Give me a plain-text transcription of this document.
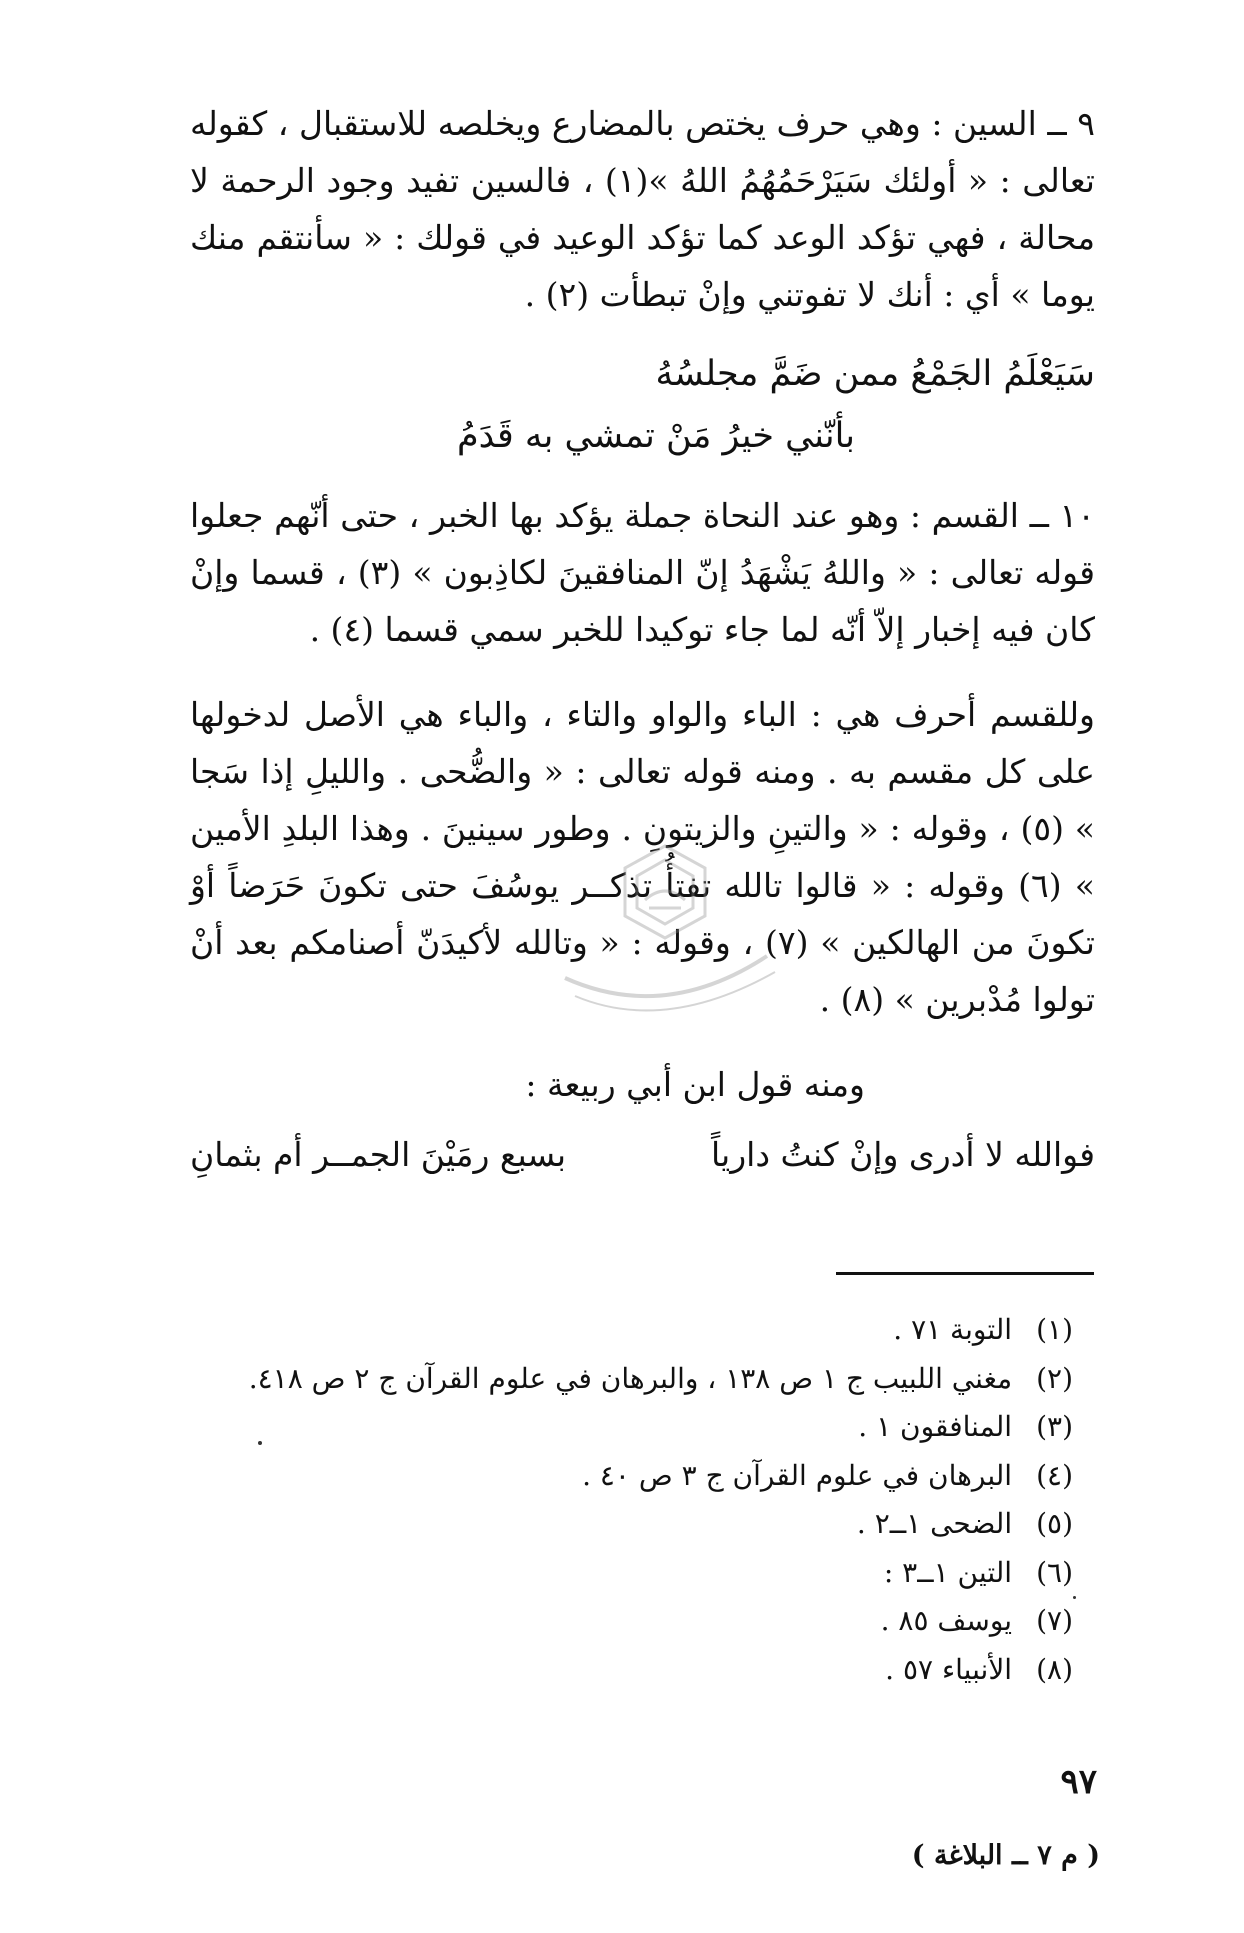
٩ ــ السين : وهي حرف يختص بالمضارع ويخلصه للاستقبال ، كقوله تعالى : « أولئك سَيَرْحَمُهُمُ اللهُ »(١) ، فالسين تفيد وجود الرحمة لا محالة ، فهي تؤكد الوعد كما تؤكد الوعيد في قولك : « سأنتقم منك يوما » أي : أنك لا تفوتني وإنْ تبطأت (٢) .

سَيَعْلَمُ الجَمْعُ ممن ضَمَّ مجلسُهُ
بأنّني خيرُ مَنْ تمشي به قَدَمُ

١٠ ــ القسم : وهو عند النحاة جملة يؤكد بها الخبر ، حتى أنّهم جعلوا قوله تعالى : « واللهُ يَشْهَدُ إنّ المنافقينَ لكاذِبون » (٣) ، قسما وإنْ كان فيه إخبار إلاّ أنّه لما جاء توكيدا للخبر سمي قسما (٤) .

وللقسم أحرف هي : الباء والواو والتاء ، والباء هي الأصل لدخولها على كل مقسم به . ومنه قوله تعالى : « والضُّحى . والليلِ إذا سَجا » (٥) ، وقوله : « والتينِ والزيتونِ . وطور سينينَ . وهذا البلدِ الأمين » (٦) وقوله : « قالوا تالله تفتأُ تذكــر يوسُفَ حتى تكونَ حَرَضاً أوْ تكونَ من الهالكين » (٧) ، وقوله : « وتالله لأكيدَنّ أصنامكم بعد أنْ تولوا مُدْبرين » (٨) .

ومنه قول ابن أبي ربيعة :

فوالله لا أدرى وإنْ كنتُ دارياً
بسبع رمَيْنَ الجمــر أم بثمانِ
(١) التوبة ٧١ .
(٢) مغني اللبيب ج ١ ص ١٣٨ ، والبرهان في علوم القرآن ج ٢ ص ٤١٨.
(٣) المنافقون ١ .
(٤) البرهان في علوم القرآن ج ٣ ص ٤٠ .
(٥) الضحى ١ــ٢ .
(٦) التين ١ــ٣ :
(٧) يوسف ٨٥ .
(٨) الأنبياء ٥٧ .
٩٧
( م ٧ ــ البلاغة )
